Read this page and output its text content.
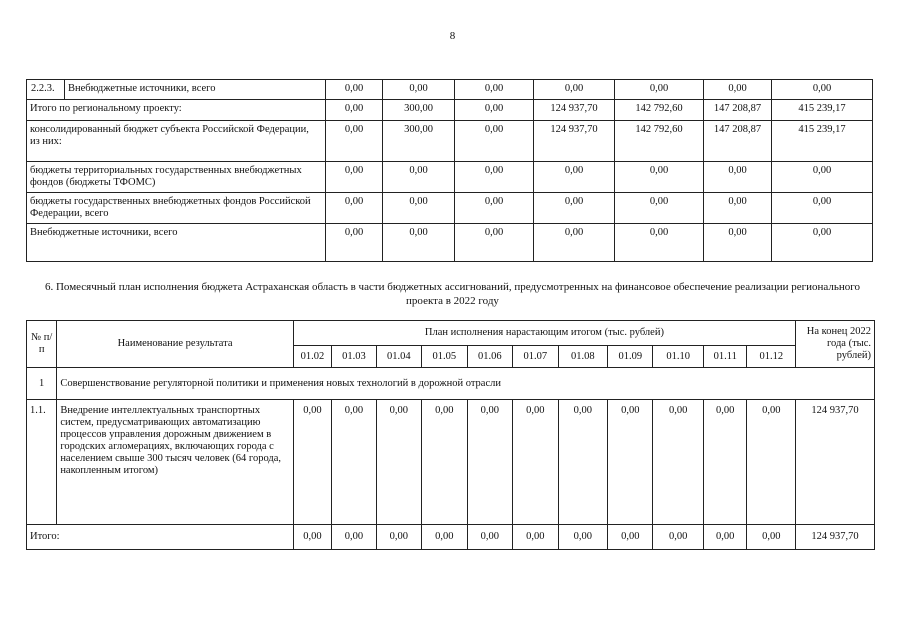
8
2.2.3.	Внебюджетные источники, всего	0,00	0,00	0,00	0,00	0,00	0,00	0,00
Итого по региональному проекту:		0,00	300,00	0,00	124 937,70	142 792,60	147 208,87	415 239,17
консолидированный бюджет субъекта Российской Федерации, из них:		0,00	300,00	0,00	124 937,70	142 792,60	147 208,87	415 239,17
бюджеты территориальных государственных внебюджетных фондов (бюджеты ТФОМС)		0,00	0,00	0,00	0,00	0,00	0,00	0,00
бюджеты государственных внебюджетных фондов Российской Федерации, всего		0,00	0,00	0,00	0,00	0,00	0,00	0,00
Внебюджетные источники, всего		0,00	0,00	0,00	0,00	0,00	0,00	0,00
6. Помесячный план исполнения бюджета Астраханская область в части бюджетных ассигнований, предусмотренных на финансовое обеспечение реализации регионального проекта в 2022 году
№ п/п	Наименование результата	План исполнения нарастающим итогом (тыс. рублей)											На конец 2022 года (тыс. рублей)
		01.02	01.03	01.04	01.05	01.06	01.07	01.08	01.09	01.10	01.11	01.12	
1	Совершенствование регуляторной политики и применения новых технологий в дорожной отрасли												
1.1.	Внедрение интеллектуальных транспортных систем, предусматривающих автоматизацию процессов управления дорожным движением в городских агломерациях, включающих города с населением свыше 300 тысяч человек (64 города, накопленным итогом)	0,00	0,00	0,00	0,00	0,00	0,00	0,00	0,00	0,00	0,00	0,00	124 937,70
Итого:		0,00	0,00	0,00	0,00	0,00	0,00	0,00	0,00	0,00	0,00	0,00	124 937,70
